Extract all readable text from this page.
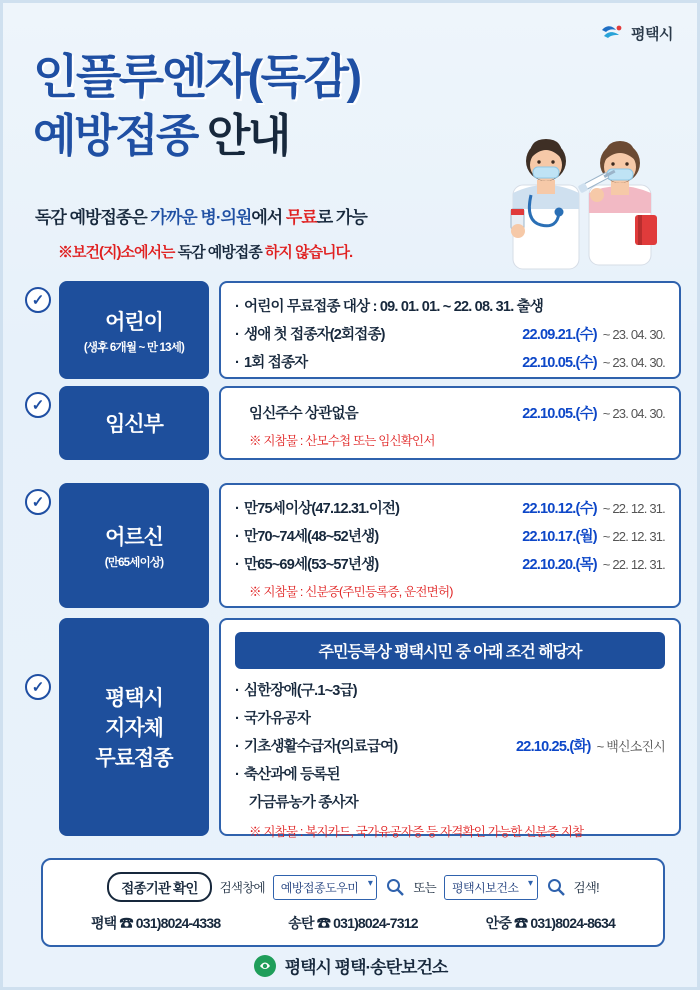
평택시
인플루엔자(독감)
예방접종 안내
독감 예방접종은 가까운 병·의원에서 무료로 가능
※보건(지)소에서는 독감 예방접종 하지 않습니다.
✓
어린이
(생후 6개월 ~ 만 13세)
· 어린이 무료접종 대상 : 09. 01. 01. ~ 22. 08. 31. 출생
· 생애 첫 접종자 (2회접종)	22.09.21.(수) ~ 23. 04. 30.
· 1회 접종자	22.10.05.(수) ~ 23. 04. 30.
✓
임신부	임신주수 상관없음	22.10.05.(수) ~ 23. 04. 30.
※ 지참물 : 산모수첩 또는 임신확인서
✓
어르신
(만65세이상)
· 만75세이상 (47.12.31.이전)	22.10.12.(수) ~ 22. 12. 31.
· 만70~74세 (48~52년생)	22.10.17.(월) ~ 22. 12. 31.
· 만65~69세 (53~57년생)	22.10.20.(목) ~ 22. 12. 31.
※ 지참물 : 신분증(주민등록증, 운전면허)
✓	평택시
지자체
무료접종
주민등록상 평택시민 중 아래 조건 해당자
· 심한장애 (구.1~3급)
· 국가유공자
· 기초생활수급자 (의료급여)	22.10.25.(화) ~ 백신소진시
· 축산과에 등록된
가금류농가 종사자
※ 지참물 : 복지카드, 국가유공자증 등 자격확인 가능한 신분증 지참
접종기관 확인	검색창에	예방접종도우미 ▾	또는	평택시보건소 ▾	검색!
평택 ☎ 031)8024-4338	송탄 ☎ 031)8024-7312	안중 ☎ 031)8024-8634
평택시 평택·송탄보건소
